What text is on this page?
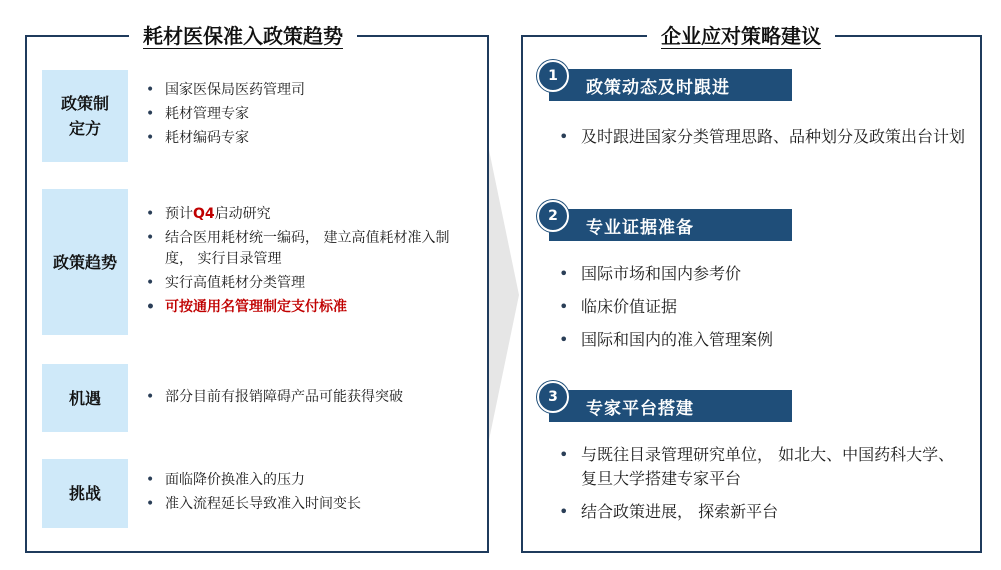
耗材医保准入政策趋势
政策制定方
• 国家医保局医药管理司
• 耗材管理专家
• 耗材编码专家
政策趋势
• 预计Q4启动研究
• 结合医用耗材统一编码， 建立高值耗材准入制度， 实行目录管理
• 实行高值耗材分类管理
• 可按通用名管理制定支付标准
机遇
•	部分目前有报销障碍产品可能获得突破
挑战
• 面临降价换准入的压力
• 准入流程延长导致准入时间变长
企业应对策略建议
1
政策动态及时跟进
• 及时跟进国家分类管理思路、品种划分及政策出台计划
2
专业证据准备
• 国际市场和国内参考价
• 临床价值证据
• 国际和国内的准入管理案例
3
专家平台搭建
• 与既往目录管理研究单位， 如北大、中国药科大学、复旦大学搭建专家平台
• 结合政策进展， 探索新平台
